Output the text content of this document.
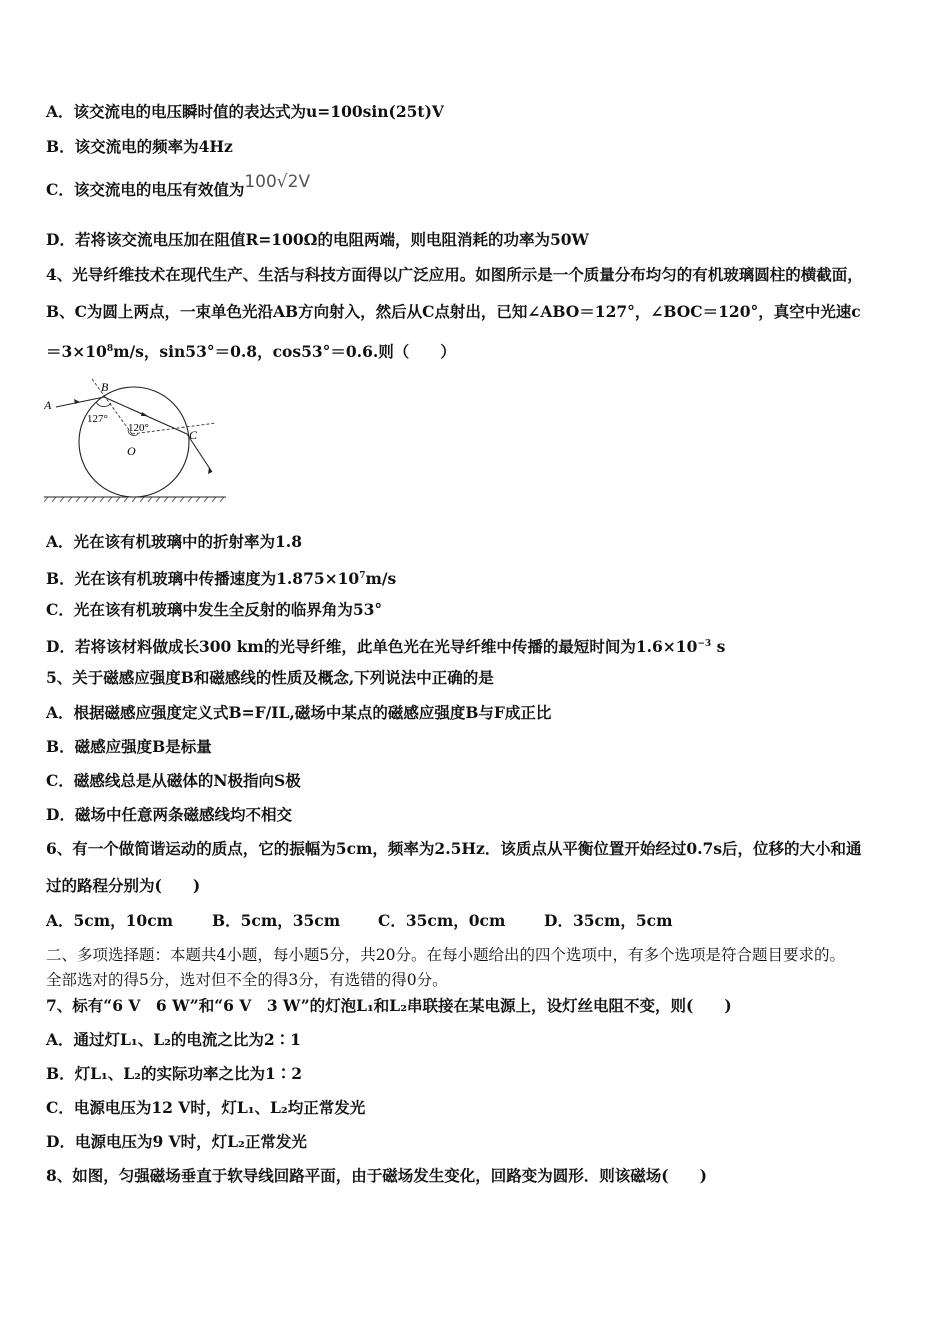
A．该交流电的电压瞬时值的表达式为u=100sin(25t)V
B．该交流电的频率为4Hz
C．该交流电的电压有效值为100√2V
D．若将该交流电压加在阻值R=100Ω的电阻两端，则电阻消耗的功率为50W
4、光导纤维技术在现代生产、生活与科技方面得以广泛应用。如图所示是一个质量分布均匀的有机玻璃圆柱的横截面，
B、C为圆上两点，一束单色光沿AB方向射入，然后从C点射出，已知∠ABO＝127°，∠BOC＝120°，真空中光速c
$=3\times 10^8m/s$，sin53°＝0.8，cos53°＝0.6.则（　　）
A
B
C
O
127°
120°
A．光在该有机玻璃中的折射率为1.8
B．光在该有机玻璃中传播速度为$1.875\times 10^7m/s$
C．光在该有机玻璃中发生全反射的临界角为53°
D．若将该材料做成长300 km的光导纤维，此单色光在光导纤维中传播的最短时间为$1.6\times 10^{-3}$ s
5、关于磁感应强度B和磁感线的性质及概念,下列说法中正确的是
A．根据磁感应强度定义式B=F/IL,磁场中某点的磁感应强度B与F成正比
B．磁感应强度B是标量
C．磁感线总是从磁体的N极指向S极
D．磁场中任意两条磁感线均不相交
6、有一个做简谐运动的质点，它的振幅为5cm，频率为2.5Hz．该质点从平衡位置开始经过0.7s后，位移的大小和通
过的路程分别为(　　)
A．5cm，10cm	B．5cm，35cm C．35cm，0cm D．35cm，5cm
二、多项选择题：本题共4小题，每小题5分，共20分。在每小题给出的四个选项中，有多个选项是符合题目要求的。
全部选对的得5分，选对但不全的得3分，有选错的得0分。
7、标有“6 V　6 W”和“6 V　3 W”的灯泡L₁和L₂串联接在某电源上，设灯丝电阻不变，则(　　)
A．通过灯L₁、L₂的电流之比为2∶1
B．灯L₁、L₂的实际功率之比为1∶2
C．电源电压为12 V时，灯L₁、L₂均正常发光
D．电源电压为9 V时，灯L₂正常发光
8、如图，匀强磁场垂直于软导线回路平面，由于磁场发生变化，回路变为圆形．则该磁场(　　)
